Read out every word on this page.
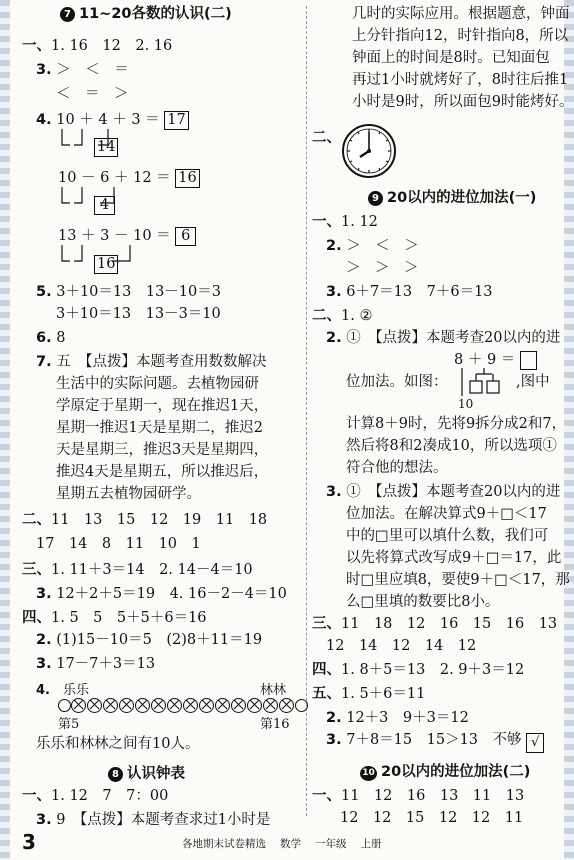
7 11~20各数的认识(二)
一、1. 16　12　2. 16
3. ＞　＜　＝
＜　＝　＞
4. 10 ＋ 4 ＋ 3 ＝ 17
14
10 － 6 ＋ 12 ＝ 16
4
13 ＋ 3 － 10 ＝ 6
16
5. 3＋10＝13　13－10＝3
3＋10＝13　13－3＝10
6. 8
7. 五　【点拨】本题考查用数数解决
生活中的实际问题。去植物园研
学原定于星期一，现在推迟1天，
星期一推迟1天是星期二，推迟2
天是星期三，推迟3天是星期四，
推迟4天是星期五，所以推迟后，
星期五去植物园研学。
二、11　13　15　12　19　11　18
17　14　8　11　10　1
三、1. 11＋3＝14　2. 14－4＝10
3. 12＋2＋5＝19　4. 16－2－4＝10
四、1. 5　5　5＋5＋6＝16
2. (1)15－10＝5　(2)8＋11＝19
3. 17－7＋3＝13
4.　 乐乐	林林
第5	第16
乐乐和林林之间有10人。
8 认识钟表
一、1. 12　7　7：00
3. 9　【点拨】本题考查求过1小时是
几时的实际应用。根据题意，钟面
上分针指向12，时针指向8，所以
钟面上的时间是8时。已知面包
再过1小时就烤好了，8时往后推1
小时是9时，所以面包9时能烤好。
二、
9 20以内的进位加法(一)
一、1. 12
2. ＞　＜　＞
＞　＞　＞
3. 6＋7＝13　7＋6＝13
二、1. ②
2. ①　【点拨】本题考查20以内的进
8 ＋ 9 ＝
位加法。如图：	,图中
10
计算8＋9时，先将9拆分成2和7，
然后将8和2凑成10，所以选项①
符合他的想法。
3. ①　【点拨】本题考查20以内的进
位加法。在解决算式9＋□＜17
中的□里可以填什么数，我们可
以先将算式改写成9＋□＝17，此
时□里应填8，要使9＋□＜17，那
么□里填的数要比8小。
三、11　18　12　16　15　16　13
12　14　12　14　12
四、1. 8＋5＝13　2. 9＋3＝12
五、1. 5＋6＝11
2. 12＋3　9＋3＝12
3. 7＋8＝15　15＞13　不够 √
10 20以内的进位加法(二)
一、11　12　16　13　11　13
12　12　15　12　12　11
3	各地期末试卷精选 数学 一年级 上册
